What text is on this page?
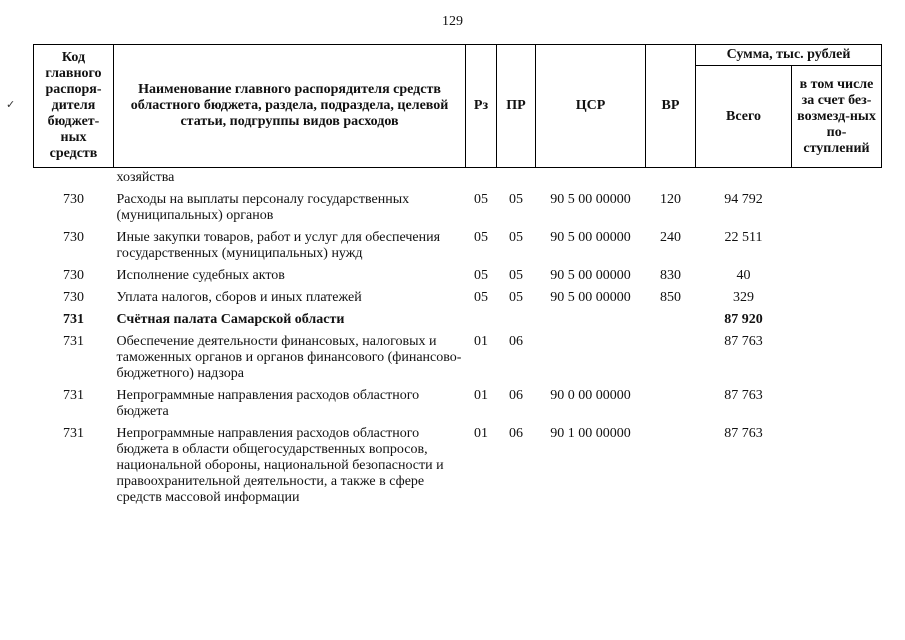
129
✓
Код главного распоря-дителя бюджет-ных средств	Наименование главного распорядителя средств областного бюджета, раздела, подраздела, целевой статьи, подгруппы видов расходов	Рз	ПР	ЦСР	ВР	Сумма, тыс. рублей	
						Всего	в том числе за счет без-возмезд-ных по-ступлений
	хозяйства						
730	Расходы на выплаты персоналу государственных (муниципальных) органов	05	05	90 5 00 00000	120	94 792	
730	Иные закупки товаров, работ и услуг для обеспечения государственных (муниципальных) нужд	05	05	90 5 00 00000	240	22 511	
730	Исполнение судебных актов	05	05	90 5 00 00000	830	40	
730	Уплата налогов, сборов и иных платежей	05	05	90 5 00 00000	850	329	
731	Счётная палата Самарской области					87 920	
731	Обеспечение деятельности финансовых, налоговых и таможенных органов и органов финансового (финансово-бюджетного) надзора	01	06			87 763	
731	Непрограммные направления расходов областного бюджета	01	06	90 0 00 00000		87 763	
731	Непрограммные направления расходов областного бюджета в области общегосударственных вопросов, национальной обороны, национальной безопасности и правоохранительной деятельности, а также в сфере средств массовой информации	01	06	90 1 00 00000		87 763	
